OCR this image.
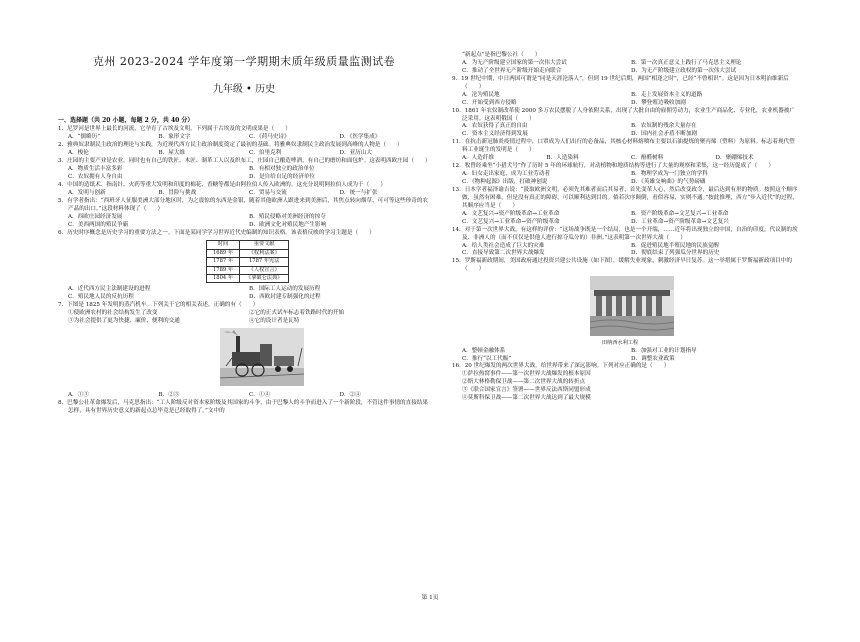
克州 2023-2024 学年度第一学期期末质年级质量监测试卷
九年级 • 历史
一、选择题（共 20 小题，每题 2 分，共 40 分）
1．尼罗河是世界上最长的河流，它孕育了古埃及文明。下列属于古埃及的文明成果是（　　）
A．“儒略历”	B．象形文字	C．《荷马史诗》	D．《医学集成》
2．雅典奴隶制民主政治的理论与实践，为近现代西方民主政治制度奠定了最初的基础。将雅典奴隶制民主政治发展到高峰的人物是（　　）
A．梭伦	B．屋大维	C．伯里克利	D．亚历山大
3．庄园的主要产业是农业，同时也有自己的铁匠、木匠、制革工人以及织布工，庄园自己酿造啤酒，有自己的磨坊和面包炉。这表明西欧庄园（　　）
A．物质生活丰富多彩	B．有相对独立的政治单位
C．农奴拥有人身自由	D．是自给自足的经济单位
4．中国的造纸术、指南针、火药等重大发明和印度的棉花、香糖等都是由阿拉伯人传入欧洲的。这充分说明阿拉伯人成为于（　　）
A．发明与创新	B．冒险与挑战	C．贸易与交流	D．统一与扩张
5．有学者指出：“西班牙人征服美洲大部分地区时，为之震惊的东西是金银，随着其他欧洲人跟进来到美洲后，其焦点转向烟草、可可等这些珍奇的农产品的出口。”这段材料体现了（　　）
A．西欧庄园经济发展	B．殖民侵略对美洲经济的掠夺
C．美西两国的殖民争霸	D．欧洲文化对殖民地产生影响
6．历史时序概念是历史学习的重要方法之一。下面是某同学学习世界近代史编制的知识表格。该表格反映的学习主题是（　　）
时间	重要文献
1689 年	《权利法案》
1787 年	1787 年宪法
1789 年	《人权宣言》
1804 年	《拿破仑法典》
A．近代西方民主法制建设的进程	B．国际工人运动的发展历程
C．殖民地人民的反抗历程	D．西欧封建专制强化的过程
7．下图是 1825 年发明的蒸汽机车。下列关于它的相关表述，正确的有（　　）
①使欧洲农村的社会结构发生了改变	②它的正式试车标志着铁路时代的开始
③为社会提供了更为快捷、廉价、便利的交通	④它的设计者是瓦特
A．①③	B．②③	C．①④	D．②④
8．巴黎公社革命爆发后，马克思指出：“工人阶级反对资本家阶级及其国家的斗争，由于巴黎人的斗争而进入了一个新阶段，不管这件事情的直接结果怎样，具有世界历史意义的新起点总毕竟是已经取得了。”文中的
“新起点”是指巴黎公社（　　）
A．为无产阶级建立国家的第一次伟大尝试	B．第一次真正意义上践行了马克思主义理论
C．推动了全世界无产阶级开始走向联合	D．为无产阶级建立政权的第一次伟大尝试
9．19 世纪中期，中日两国可谓是“同是天涯沦落人”，但到 19 世纪后期，两国“相逢之时”，已经“不曾相识”。这是因为日本明治维新后（　　）
A．沦为殖民地	B．走上发展资本主义的道路
C．开始受到西方侵略	D．攀登殖边吸收加剧
10．1861 年农奴制改革使 2000 多万农民摆脱了人身依附关系，出现了大批自由的雇佣劳动力，农业生产商品化、专业化，农业机器被广泛采用。这表明俄国（　　）
A．农奴获得了真正的自由	B．农奴制的残余大量存在
C．资本主义经济得到发展	D．国内社会矛盾不断加剧
11．在抗击新冠肺炎疫情过程中，口罩成为人们出行的必备品，其核心材料熔喷布主要以石油提炼的聚丙烯（塑料）为原料。标志着现代塑料工业诞生的发明是（　　）
A．人造纤维	B．人造染料	C．酚醛树料	D．聚硼烯技术
12．牧曾经乘坐“小猎犬号”作了历时 5 年的环球航行，对动植物和地质结构等进行了大量的观察和采集，这一经历促成了（　　）
A．妇女走出家庭，成为工业劳动者	B．物理学成为一门独立的学科
C．《物种起源》出版，打破神创说	D．《英雄交响曲》的气势磅礴
13．日本学者福泽谕吉说：“汲取欧洲文明，必须先其难者而后其易者，首先变革人心，然后改变政令，最后达到有形的物质。按照这个顺序做，虽然有困难，但是没有真正的障碍，可以顺利达到目的。倘若次序颠倒，看似容易，实则不通。”按此推理，西方“步入近代”的过程，其顺序应当是（　　）
A．文艺复兴→资产阶级革命→工业革命	B．资产阶级革命→文艺复兴→工业革命
C．文艺复兴→工业革命→资产阶级革命	D．工业革命→资产阶级革命→文艺复兴
14．对于第一次世界大战，有这样的评价：“这场战争既是一个结局，也是一个开端，……近年将出现独立的中国，自治的印度，代议制的埃及、非洲人的（而不仅仅是供他人进行掠夺瓜分的）非洲。”这表明第一次世界大战（　　）
A．给人类社会造成了巨大的灾难	B．促进殖民地半殖民地的民族觉醒
C．直接导致第二次世界大战爆发	D．彻底结束了列强瓜分世界的历史
15．罗斯福新政期间，美国政府通过投资兴建公共设施（如下图），缓解失业现象，刺激经济早日复苏。这一举措属于罗斯福新政项目中的（　　）
田纳西水利工程
A．整顿金融体系	B．加强对工业的计划指导
C．推行“以工代赈”	D．调整农业政策
16．20 世纪爆发的两次世界大战，给世界带来了深远影响。下列对应正确的是（　　）
①萨拉热窝事件——第一次世界大战爆发的根本原因
②斯大林格勒保卫战——第二次世界大战的转折点
③《联合国家宣言》签署——世界反法西斯同盟形成
④莫斯科保卫战——第二次世界大战达到了最大规模
第 1页
